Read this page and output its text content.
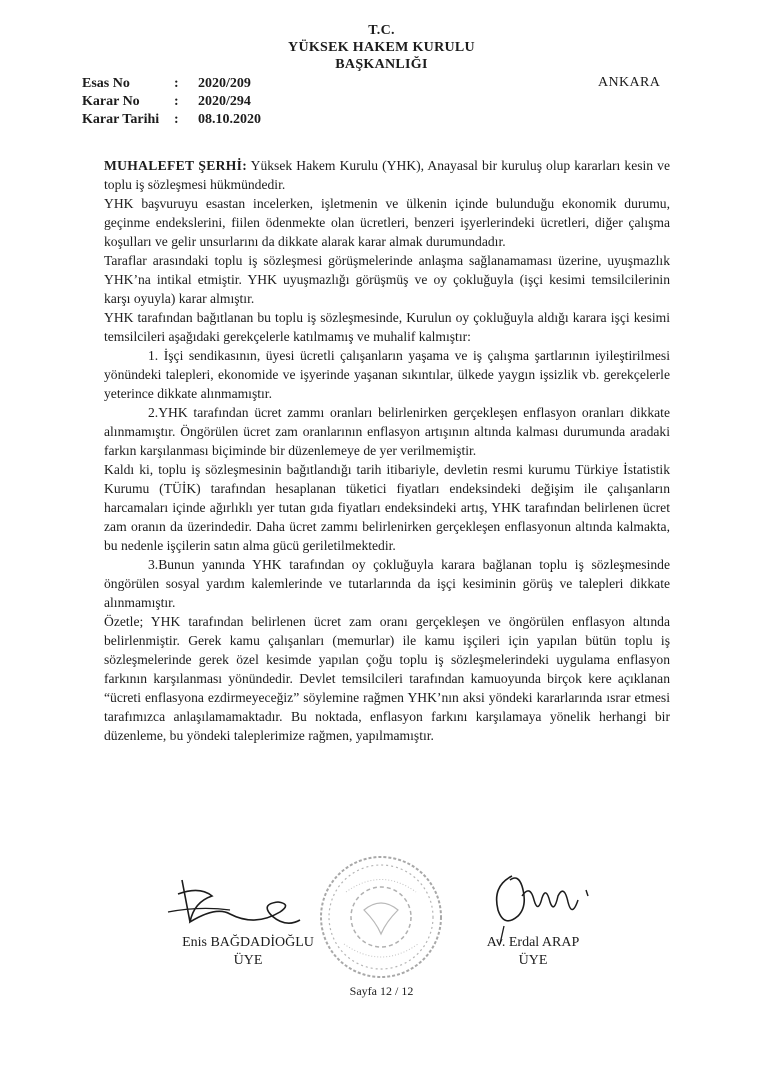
T.C.
YÜKSEK HAKEM KURULU
BAŞKANLIĞI
Esas No	:	2020/209
Karar No	:	2020/294
Karar Tarihi	:	08.10.2020
ANKARA

MUHALEFET ŞERHİ: Yüksek Hakem Kurulu (YHK), Anayasal bir kuruluş olup kararları kesin ve toplu iş sözleşmesi hükmündedir.

YHK başvuruyu esastan incelerken, işletmenin ve ülkenin içinde bulunduğu ekonomik durumu, geçinme endekslerini, fiilen ödenmekte olan ücretleri, benzeri işyerlerindeki ücretleri, diğer çalışma koşulları ve gelir unsurlarını da dikkate alarak karar almak durumundadır.

Taraflar arasındaki toplu iş sözleşmesi görüşmelerinde anlaşma sağlanamaması üzerine, uyuşmazlık YHK’na intikal etmiştir. YHK uyuşmazlığı görüşmüş ve oy çokluğuyla (işçi kesimi temsilcilerinin karşı oyuyla) karar almıştır.

YHK tarafından bağıtlanan bu toplu iş sözleşmesinde, Kurulun oy çokluğuyla aldığı karara işçi kesimi temsilcileri aşağıdaki gerekçelerle katılmamış ve muhalif kalmıştır:

1. İşçi sendikasının, üyesi ücretli çalışanların yaşama ve iş çalışma şartlarının iyileştirilmesi yönündeki talepleri, ekonomide ve işyerinde yaşanan sıkıntılar, ülkede yaygın işsizlik vb. gerekçelerle yeterince dikkate alınmamıştır.

2.YHK tarafından ücret zammı oranları belirlenirken gerçekleşen enflasyon oranları dikkate alınmamıştır. Öngörülen ücret zam oranlarının enflasyon artışının altında kalması durumunda aradaki farkın karşılanması biçiminde bir düzenlemeye de yer verilmemiştir.

Kaldı ki, toplu iş sözleşmesinin bağıtlandığı tarih itibariyle, devletin resmi kurumu Türkiye İstatistik Kurumu (TÜİK) tarafından hesaplanan tüketici fiyatları endeksindeki değişim ile çalışanların harcamaları içinde ağırlıklı yer tutan gıda fiyatları endeksindeki artış, YHK tarafından belirlenen ücret zam oranın da üzerindedir. Daha ücret zammı belirlenirken gerçekleşen enflasyonun altında kalmakta, bu nedenle işçilerin satın alma gücü geriletilmektedir.

3.Bunun yanında YHK tarafından oy çokluğuyla karara bağlanan toplu iş sözleşmesinde öngörülen sosyal yardım kalemlerinde ve tutarlarında da işçi kesiminin görüş ve talepleri dikkate alınmamıştır.

Özetle; YHK tarafından belirlenen ücret zam oranı gerçekleşen ve öngörülen enflasyon altında belirlenmiştir. Gerek kamu çalışanları (memurlar) ile kamu işçileri için yapılan bütün toplu iş sözleşmelerinde gerek özel kesimde yapılan çoğu toplu iş sözleşmelerindeki uygulama enflasyon farkının karşılanması yönündedir. Devlet temsilcileri tarafından kamuoyunda birçok kere açıklanan “ücreti enflasyona ezdirmeyeceğiz” söylemine rağmen YHK’nın aksi yöndeki kararlarında ısrar etmesi tarafımızca anlaşılamamaktadır. Bu noktada, enflasyon farkını karşılamaya yönelik herhangi bir düzenleme, bu yöndeki taleplerimize rağmen, yapılmamıştır.

Enis BAĞDADİOĞLU
ÜYE
Av. Erdal ARAP
ÜYE
Sayfa 12 / 12
